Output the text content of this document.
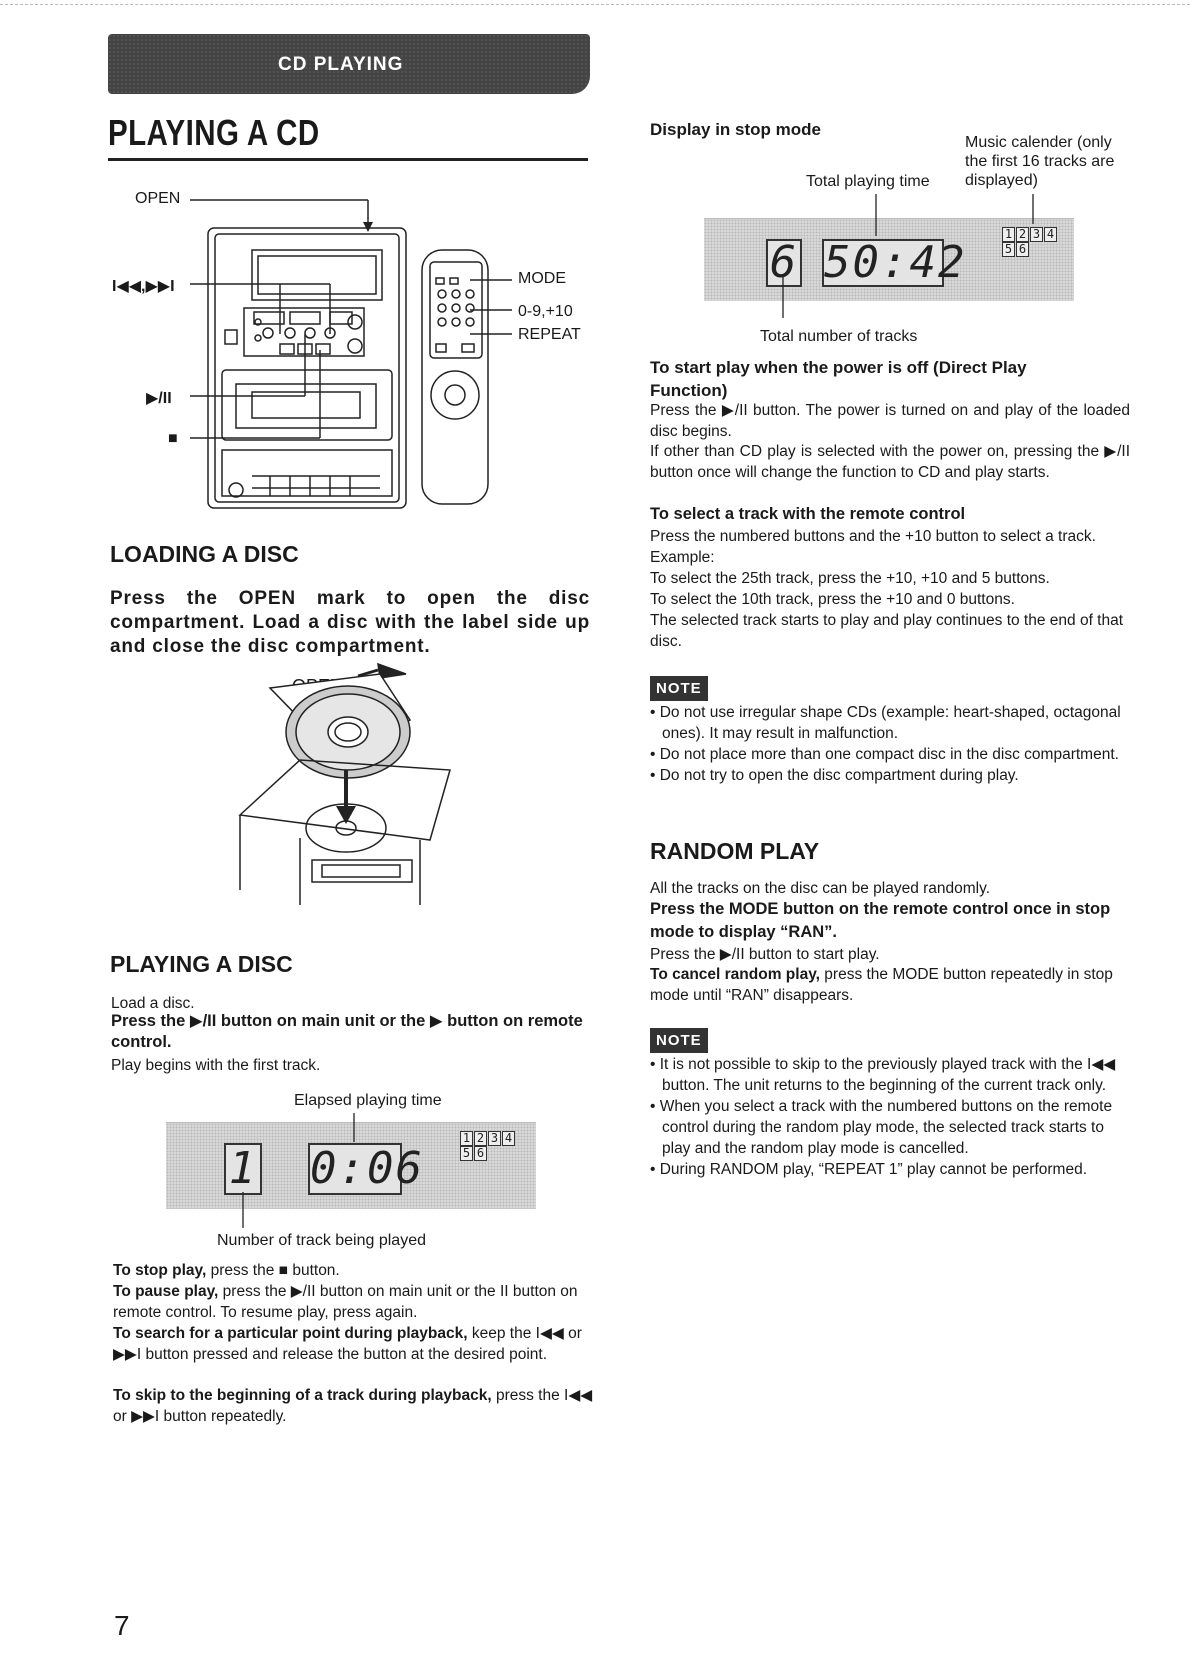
CD PLAYING
PLAYING A CD
OPEN
I◀◀,▶▶I
▶/II
■
MODE
0-9,+10
REPEAT
LOADING A DISC
Press the OPEN mark to open the disc compartment. Load a disc with the label side up and close the disc compartment.
PLAYING A DISC
Load a disc.
Press the ▶/II button on main unit or the ▶ button on remote control.
Play begins with the first track.
Elapsed playing time
1 0:06
1 2 3 4
5 6
Number of track being played
To stop play, press the ■ button.
To pause play, press the ▶/II button on main unit or the II button on remote control. To resume play, press again.
To search for a particular point during playback, keep the I◀◀ or ▶▶I button pressed and release the button at the desired point.
To skip to the beginning of a track during playback, press the I◀◀ or ▶▶I button repeatedly.
Display in stop mode
Music calender (only the first 16 tracks are displayed)
Total playing time
6 50:42
1 2 3 4
5 6
Total number of tracks
To start play when the power is off (Direct Play Function)
Press the ▶/II button. The power is turned on and play of the loaded disc begins.
If other than CD play is selected with the power on, pressing the ▶/II button once will change the function to CD and play starts.
To select a track with the remote control
Press the numbered buttons and the +10 button to select a track.
Example:
To select the 25th track, press the +10, +10 and 5 buttons.
To select the 10th track, press the +10 and 0 buttons.
The selected track starts to play and play continues to the end of that disc.
NOTE
• Do not use irregular shape CDs (example: heart-shaped, octagonal ones). It may result in malfunction.
• Do not place more than one compact disc in the disc compartment.
• Do not try to open the disc compartment during play.
RANDOM PLAY
All the tracks on the disc can be played randomly.
Press the MODE button on the remote control once in stop mode to display “RAN”.
Press the ▶/II button to start play.
To cancel random play, press the MODE button repeatedly in stop mode until “RAN” disappears.
NOTE
• It is not possible to skip to the previously played track with the I◀◀ button. The unit returns to the beginning of the current track only.
• When you select a track with the numbered buttons on the remote control during the random play mode, the selected track starts to play and the random play mode is cancelled.
• During RANDOM play, “REPEAT 1” play cannot be performed.
7
